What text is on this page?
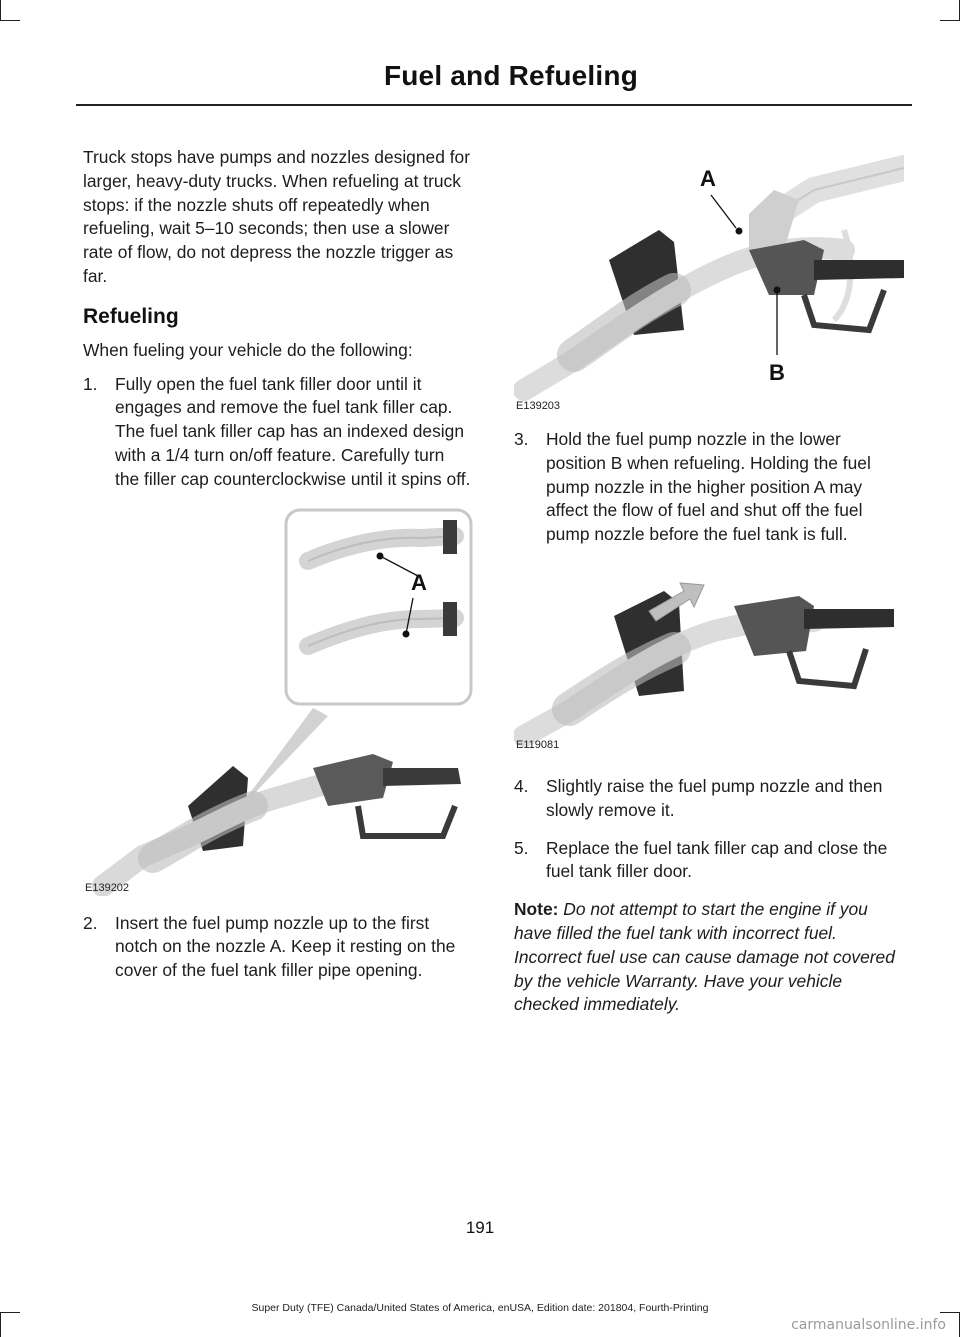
Fuel and Refueling

Truck stops have pumps and nozzles designed for larger, heavy-duty trucks. When refueling at truck stops: if the nozzle shuts off repeatedly when refueling, wait 5–10 seconds; then use a slower rate of flow, do not depress the nozzle trigger as far.

Refueling

When fueling your vehicle do the following:

1. Fully open the fuel tank filler door until it engages and remove the fuel tank filler cap. The fuel tank filler cap has an indexed design with a 1/4 turn on/off feature. Carefully turn the filler cap counterclockwise until it spins off.
A
E139202
2. Insert the fuel pump nozzle up to the first notch on the nozzle A. Keep it resting on the cover of the fuel tank filler pipe opening.
A
B
E139203
3. Hold the fuel pump nozzle in the lower position B when refueling. Holding the fuel pump nozzle in the higher position A may affect the flow of fuel and shut off the fuel pump nozzle before the fuel tank is full.
E119081
4. Slightly raise the fuel pump nozzle and then slowly remove it.
5. Replace the fuel tank filler cap and close the fuel tank filler door.

Note: Do not attempt to start the engine if you have filled the fuel tank with incorrect fuel. Incorrect fuel use can cause damage not covered by the vehicle Warranty. Have your vehicle checked immediately.

191
Super Duty (TFE) Canada/United States of America, enUSA, Edition date: 201804, Fourth-Printing
carmanualsonline.info
